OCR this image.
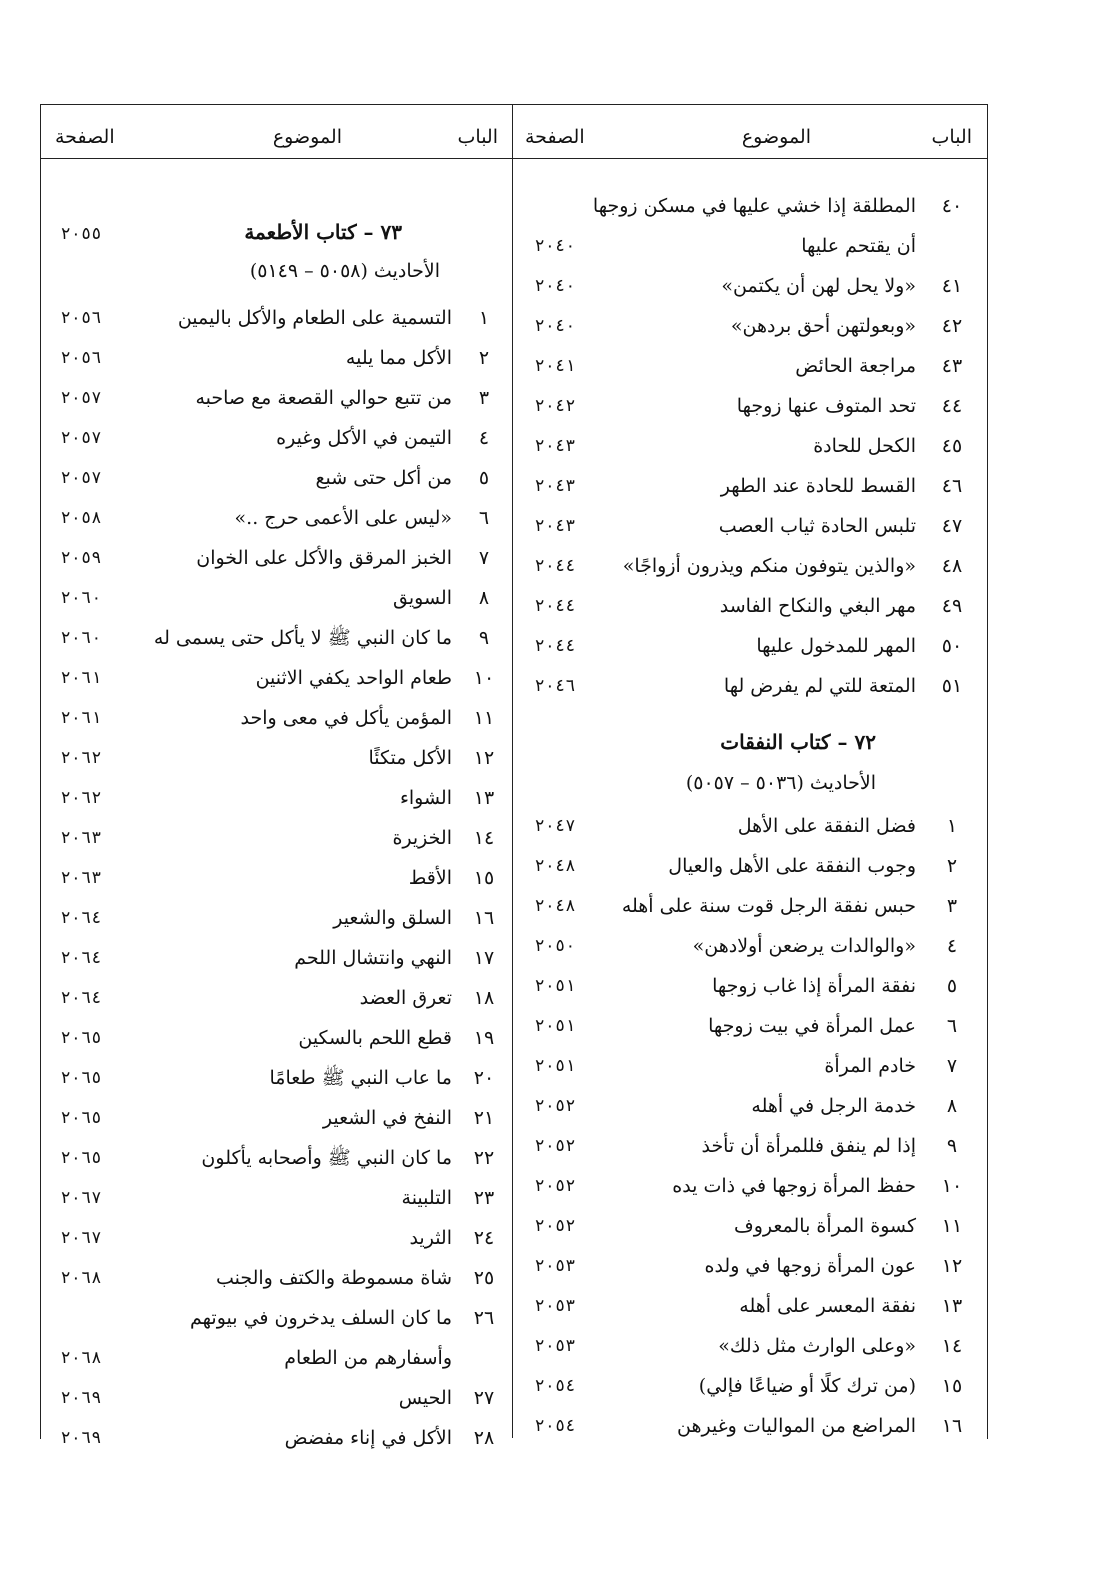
الباب
الموضوع
الصفحة
٤٠
المطلقة إذا خشي عليها في مسكن زوجها
أن يقتحم عليها
٢٠٤٠
٤١
«ولا يحل لهن أن يكتمن»
٢٠٤٠
٤٢
«وبعولتهن أحق بردهن»
٢٠٤٠
٤٣
مراجعة الحائض
٢٠٤١
٤٤
تحد المتوف عنها زوجها
٢٠٤٢
٤٥
الكحل للحادة
٢٠٤٣
٤٦
القسط للحادة عند الطهر
٢٠٤٣
٤٧
تلبس الحادة ثياب العصب
٢٠٤٣
٤٨
«والذين يتوفون منكم ويذرون أزواجًا»
٢٠٤٤
٤٩
مهر البغي والنكاح الفاسد
٢٠٤٤
٥٠
المهر للمدخول عليها
٢٠٤٤
٥١
المتعة للتي لم يفرض لها
٢٠٤٦
٧٢ – كتاب النفقات
الأحاديث (٥٠٣٦ – ٥٠٥٧)
١
فضل النفقة على الأهل
٢٠٤٧
٢
وجوب النفقة على الأهل والعيال
٢٠٤٨
٣
حبس نفقة الرجل قوت سنة على أهله
٢٠٤٨
٤
«والوالدات يرضعن أولادهن»
٢٠٥٠
٥
نفقة المرأة إذا غاب زوجها
٢٠٥١
٦
عمل المرأة في بيت زوجها
٢٠٥١
٧
خادم المرأة
٢٠٥١
٨
خدمة الرجل في أهله
٢٠٥٢
٩
إذا لم ينفق فللمرأة أن تأخذ
٢٠٥٢
١٠
حفظ المرأة زوجها في ذات يده
٢٠٥٢
١١
كسوة المرأة بالمعروف
٢٠٥٢
١٢
عون المرأة زوجها في ولده
٢٠٥٣
١٣
نفقة المعسر على أهله
٢٠٥٣
١٤
«وعلى الوارث مثل ذلك»
٢٠٥٣
١٥
(من ترك كلًا أو ضياعًا فإلي)
٢٠٥٤
١٦
المراضع من المواليات وغيرهن
٢٠٥٤
الباب
الموضوع
الصفحة
٧٣ – كتاب الأطعمة
٢٠٥٥
الأحاديث (٥٠٥٨ – ٥١٤٩)
١
التسمية على الطعام والأكل باليمين
٢٠٥٦
٢
الأكل مما يليه
٢٠٥٦
٣
من تتبع حوالي القصعة مع صاحبه
٢٠٥٧
٤
التيمن في الأكل وغيره
٢٠٥٧
٥
من أكل حتى شبع
٢٠٥٧
٦
«ليس على الأعمى حرج ..»
٢٠٥٨
٧
الخبز المرقق والأكل على الخوان
٢٠٥٩
٨
السويق
٢٠٦٠
٩
ما كان النبي ﷺ لا يأكل حتى يسمى له
٢٠٦٠
١٠
طعام الواحد يكفي الاثنين
٢٠٦١
١١
المؤمن يأكل في معى واحد
٢٠٦١
١٢
الأكل متكئًا
٢٠٦٢
١٣
الشواء
٢٠٦٢
١٤
الخزيرة
٢٠٦٣
١٥
الأقط
٢٠٦٣
١٦
السلق والشعير
٢٠٦٤
١٧
النهي وانتشال اللحم
٢٠٦٤
١٨
تعرق العضد
٢٠٦٤
١٩
قطع اللحم بالسكين
٢٠٦٥
٢٠
ما عاب النبي ﷺ طعامًا
٢٠٦٥
٢١
النفخ في الشعير
٢٠٦٥
٢٢
ما كان النبي ﷺ وأصحابه يأكلون
٢٠٦٥
٢٣
التلبينة
٢٠٦٧
٢٤
الثريد
٢٠٦٧
٢٥
شاة مسموطة والكتف والجنب
٢٠٦٨
٢٦
ما كان السلف يدخرون في بيوتهم
وأسفارهم من الطعام
٢٠٦٨
٢٧
الحيس
٢٠٦٩
٢٨
الأكل في إناء مفضض
٢٠٦٩
